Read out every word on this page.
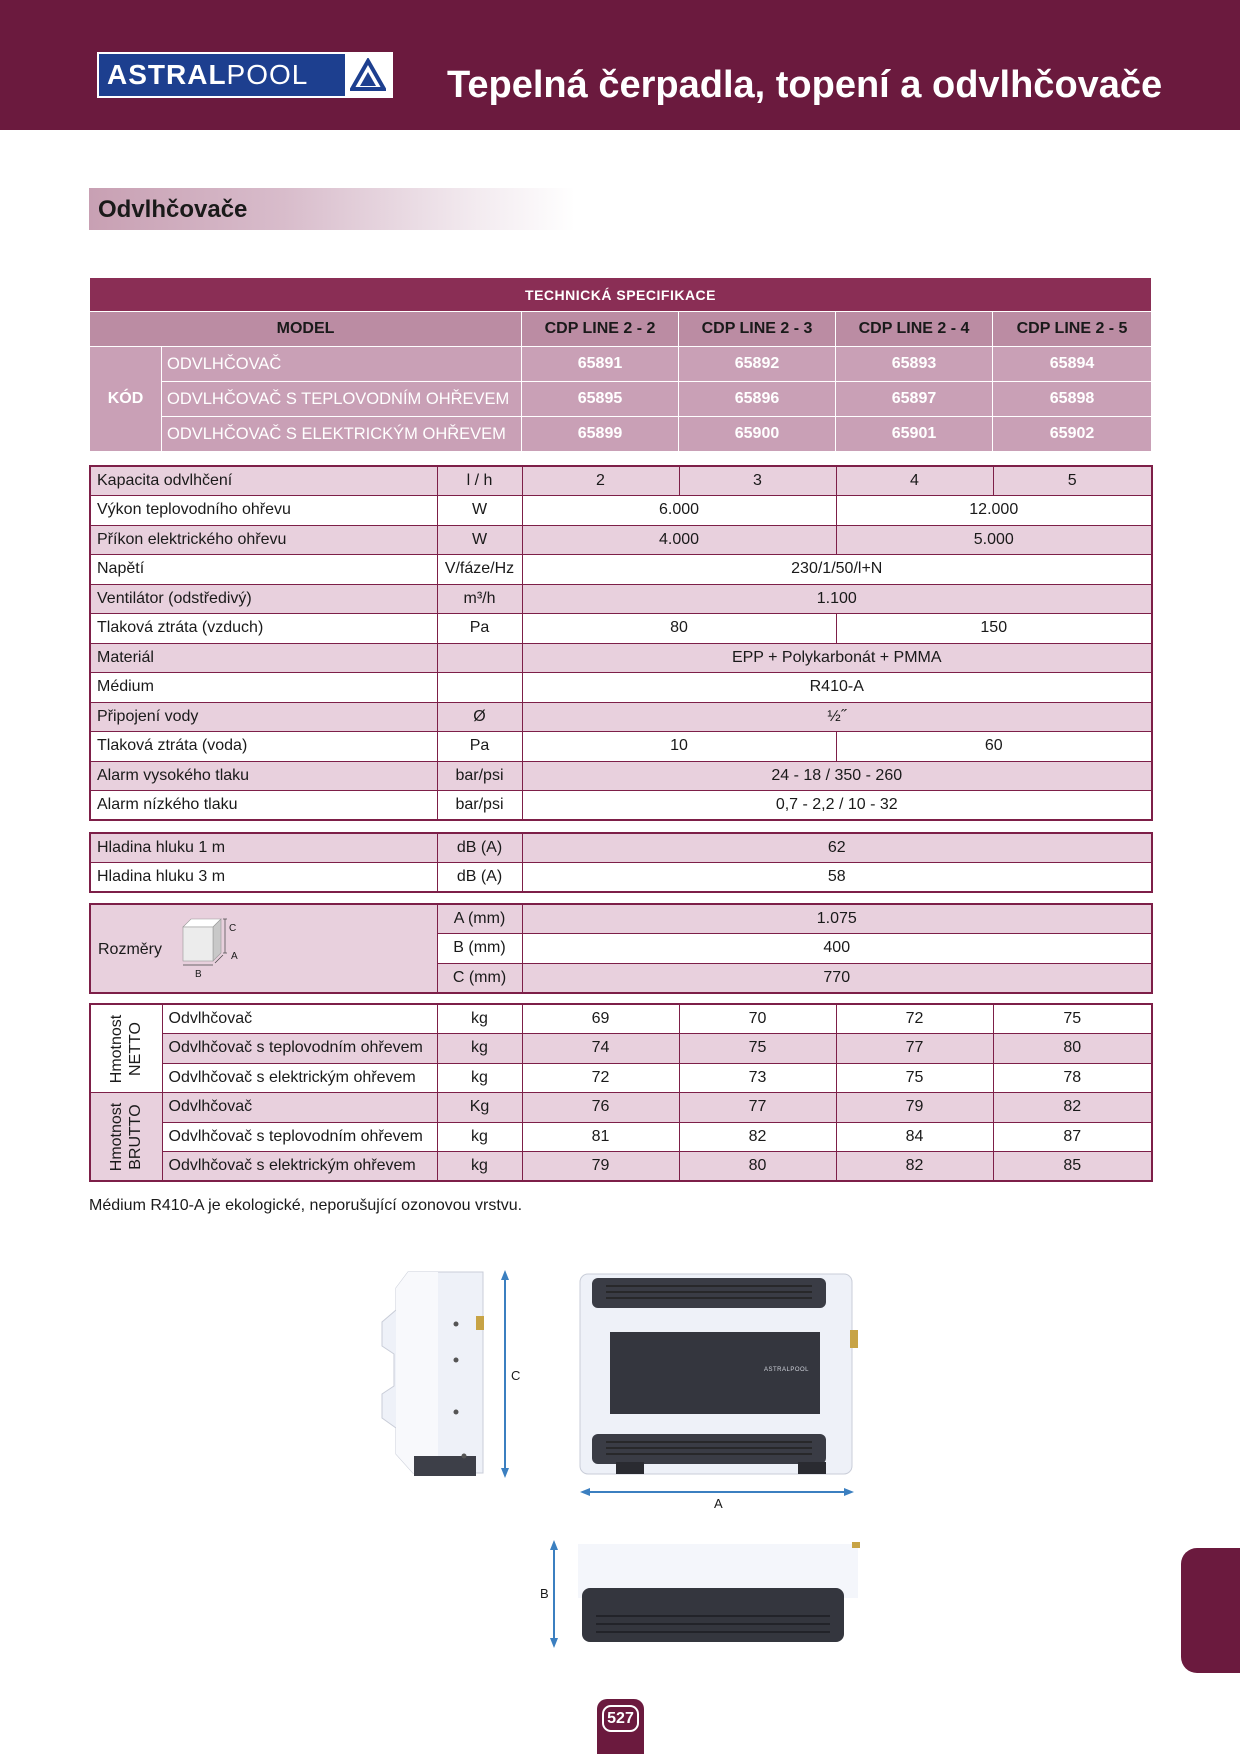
ASTRALPOOL	Tepelná čerpadla, topení a odvlhčovače
Odvlhčovače
TECHNICKÁ SPECIFIKACE					
MODEL		CDP LINE 2 - 2	CDP LINE 2 - 3	CDP LINE 2 - 4	CDP LINE 2 - 5
KÓD	ODVLHČOVAČ	65891	65892	65893	65894
	ODVLHČOVAČ S TEPLOVODNÍM OHŘEVEM	65895	65896	65897	65898
	ODVLHČOVAČ S ELEKTRICKÝM OHŘEVEM	65899	65900	65901	65902
Kapacita odvlhčení	l / h	2	3	4	5
Výkon teplovodního ohřevu	W	6.000		12.000	
Příkon elektrického ohřevu	W	4.000		5.000	
Napětí	V/fáze/Hz	230/1/50/l+N			
Ventilátor (odstředivý)	m³/h	1.100			
Tlaková ztráta (vzduch)	Pa	80		150	
Materiál		EPP + Polykarbonát + PMMA			
Médium		R410-A			
Připojení vody	Ø	½˝			
Tlaková ztráta (voda)	Pa	10		60	
Alarm vysokého tlaku	bar/psi	24 - 18 / 350 - 260			
Alarm nízkého tlaku	bar/psi	0,7 - 2,2 / 10 - 32			
Hladina hluku 1 m	dB (A)	62
Hladina hluku 3 m	dB (A)	58
Rozměry
C
A
B	A (mm)	1.075
	B (mm)	400
	C (mm)	770
Hmotnost NETTO	Odvlhčovač	kg	69	70	72	75
	Odvlhčovač s teplovodním ohřevem	kg	74	75	77	80
	Odvlhčovač s elektrickým ohřevem	kg	72	73	75	78

Hmotnost BRUTTO	Odvlhčovač	Kg	76	77	79	82
	Odvlhčovač s teplovodním ohřevem	kg	81	82	84	87
	Odvlhčovač s elektrickým ohřevem	kg	79	80	82	85
Médium R410-A je ekologické, neporušující ozonovou vrstvu.
C	ASTRALPOOL
A
B
527
